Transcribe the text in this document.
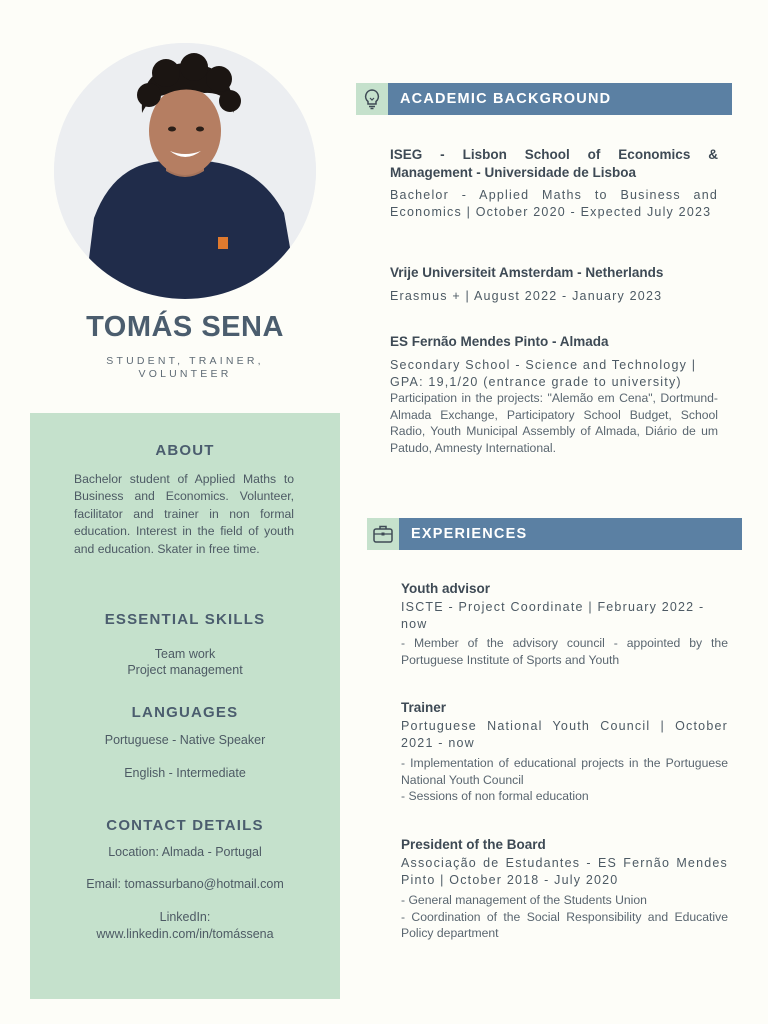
TOMÁS SENA
STUDENT, TRAINER, VOLUNTEER
ABOUT
Bachelor student of Applied Maths to Business and Economics. Volunteer, facilitator and trainer in non formal education. Interest in the field of youth and education. Skater in free time.
ESSENTIAL SKILLS
Team work
Project management
LANGUAGES
Portuguese - Native Speaker
English - Intermediate
CONTACT DETAILS
Location: Almada - Portugal
Email: tomassurbano@hotmail.com
LinkedIn:
www.linkedin.com/in/tomássena
ACADEMIC BACKGROUND
ISEG - Lisbon School of Economics & Management - Universidade de Lisboa
Bachelor - Applied Maths to Business and Economics | October 2020 - Expected July 2023
Vrije Universiteit Amsterdam - Netherlands
Erasmus + | August 2022 - January 2023
ES Fernão Mendes Pinto - Almada
Secondary School - Science and Technology | GPA: 19,1/20 (entrance grade to university)
Participation in the projects: "Alemão em Cena", Dortmund-Almada Exchange, Participatory School Budget, School Radio, Youth Municipal Assembly of Almada, Diário de um Patudo, Amnesty International.
EXPERIENCES
Youth advisor
ISCTE - Project Coordinate | February 2022 - now
- Member of the advisory council - appointed by the Portuguese Institute of Sports and Youth
Trainer
Portuguese National Youth Council | October 2021 - now
- Implementation of educational projects in the Portuguese National Youth Council
- Sessions of non formal education
President of the Board
Associação de Estudantes - ES Fernão Mendes Pinto | October 2018 - July 2020
- General management of the Students Union
- Coordination of the Social Responsibility and Educative Policy department
